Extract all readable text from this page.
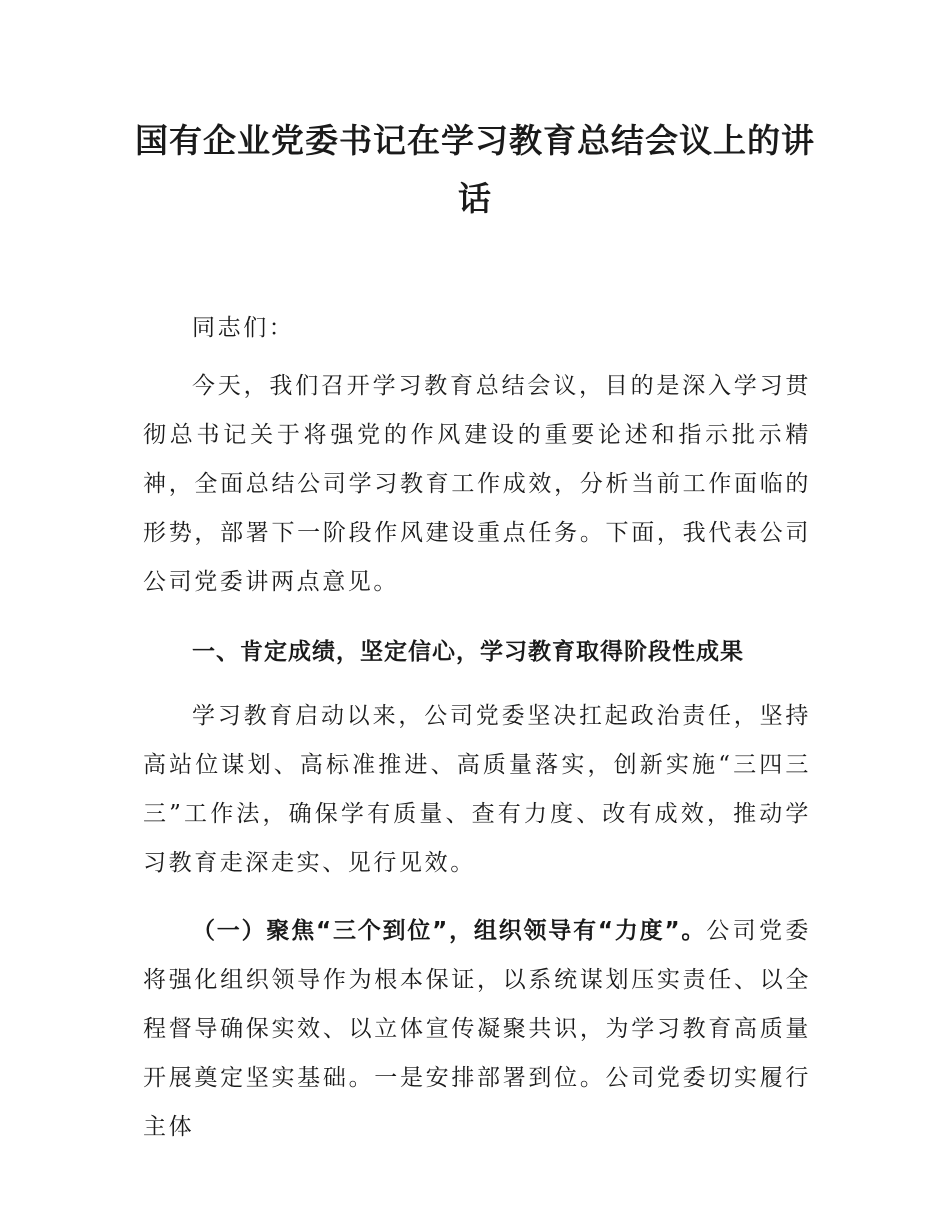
国有企业党委书记在学习教育总结会议上的讲话

同志们：

今天，我们召开学习教育总结会议，目的是深入学习贯彻总书记关于将强党的作风建设的重要论述和指示批示精神，全面总结公司学习教育工作成效，分析当前工作面临的形势，部署下一阶段作风建设重点任务。下面，我代表公司公司党委讲两点意见。

一、肯定成绩，坚定信心，学习教育取得阶段性成果

学习教育启动以来，公司党委坚决扛起政治责任，坚持高站位谋划、高标准推进、高质量落实，创新实施“三四三三”工作法，确保学有质量、查有力度、改有成效，推动学习教育走深走实、见行见效。

（一）聚焦“三个到位”，组织领导有“力度”。公司党委将强化组织领导作为根本保证，以系统谋划压实责任、以全程督导确保实效、以立体宣传凝聚共识，为学习教育高质量开展奠定坚实基础。一是安排部署到位。公司党委切实履行主体
